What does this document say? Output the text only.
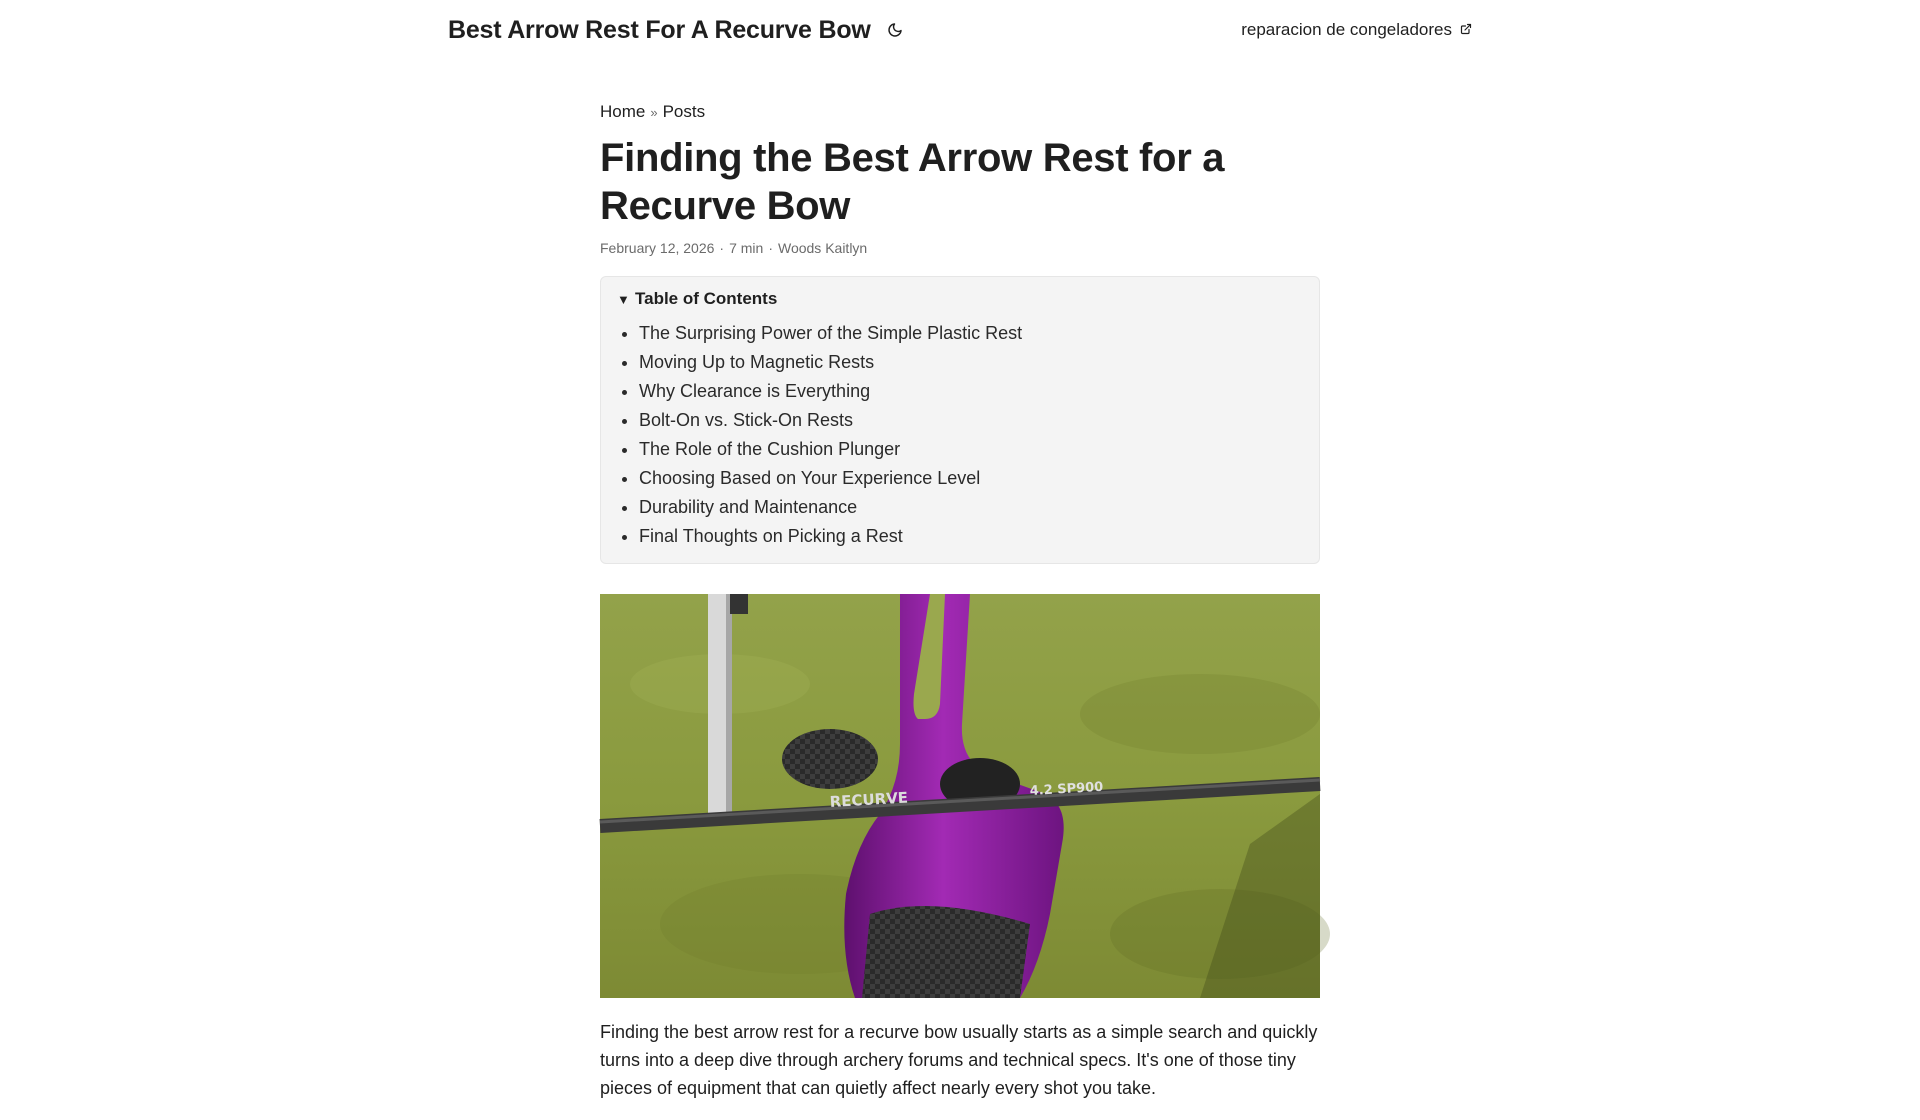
Best Arrow Rest For A Recurve Bow	reparacion de congeladores
Home » Posts
Finding the Best Arrow Rest for a Recurve Bow
February 12, 2026 · 7 min · Woods Kaitlyn
▼ Table of Contents
• The Surprising Power of the Simple Plastic Rest
• Moving Up to Magnetic Rests
• Why Clearance is Everything
• Bolt-On vs. Stick-On Rests
• The Role of the Cushion Plunger
• Choosing Based on Your Experience Level
• Durability and Maintenance
• Final Thoughts on Picking a Rest
RECURVE	4.2 SP900

Finding the best arrow rest for a recurve bow usually starts as a simple search and quickly turns into a deep dive through archery forums and technical specs. It's one of those tiny pieces of equipment that can quietly affect nearly every shot you take.
